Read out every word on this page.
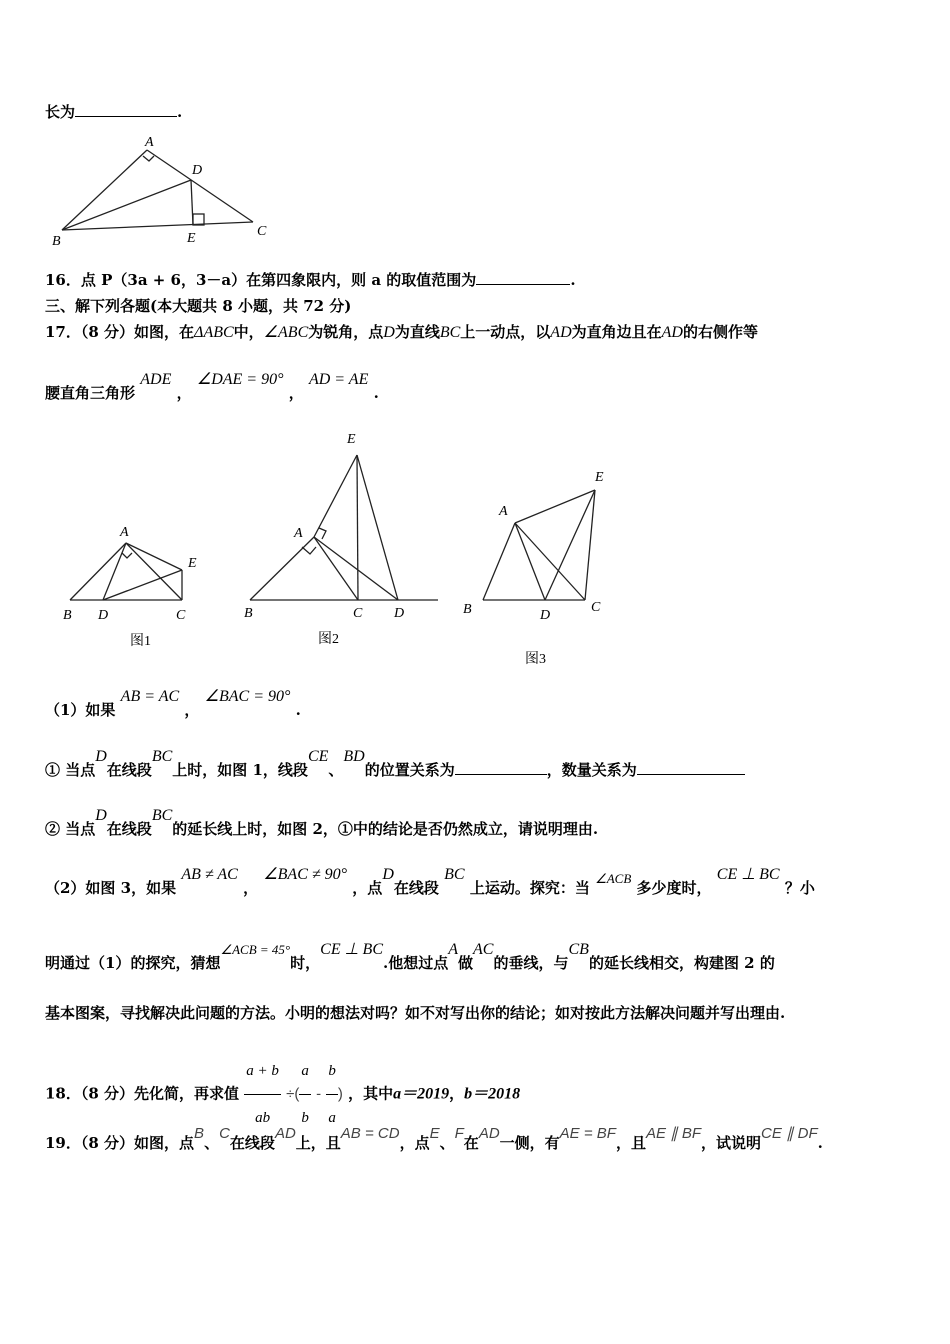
长为	.
A
B
C
D
E
16．点 P（3a + 6，3－a）在第四象限内，则 a 的取值范围为	.
三、解下列各题(本大题共 8 小题，共 72 分)
17．（8 分）如图，在ΔABC中，∠ABC为锐角，点D为直线BC上一动点，以AD为直角边且在AD的右侧作等
腰直角三角形 ADE ， ∠DAE = 90° ， AD = AE .
A
B	C
D
E
图1
E
A
B	C D
图2
A
E
B	D
C
图3
（1）如果 AB = AC ， ∠BAC = 90° .
① 当点D在线段BC上时，如图 1，线段CE、BD的位置关系为	，数量关系为
② 当点D在线段BC的延长线上时，如图 2，①中的结论是否仍然成立，请说明理由.
（2）如图 3，如果 AB ≠ AC ， ∠BAC ≠ 90° ，点D在线段 BC 上运动。探究：当 ∠ACB 多少度时， CE ⊥ BC ？小
明通过（1）的探究，猜想∠ACB = 45°时，CE ⊥ BC.他想过点A做AC的垂线，与CB的延长线相交，构建图 2 的
基本图案，寻找解决此问题的方法。小明的想法对吗？如不对写出你的结论；如对按此方法解决问题并写出理由.
18．（8 分）先化简，再求值 $\frac{a + b}{ab}$ ÷( $\frac{a}{b} - \frac{b}{a}$ ) ，其中a＝2019，b＝2018
19．（8 分）如图，点B、C在线段AD上，且AB = CD，点E、F在AD一侧，有AE = BF，且AE ∥ BF，试说明CE ∥ DF.
